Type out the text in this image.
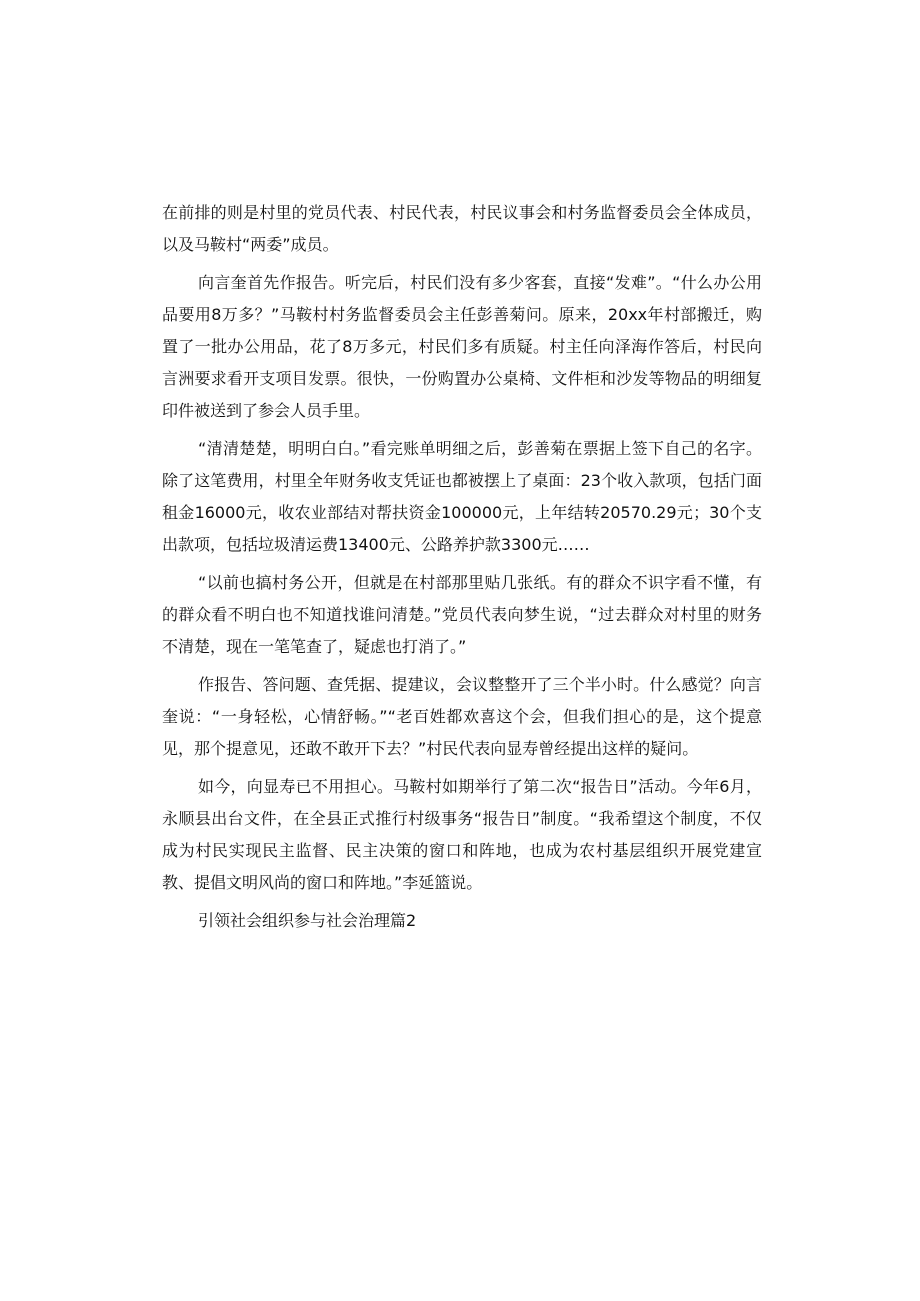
在前排的则是村里的党员代表、村民代表，村民议事会和村务监督委员会全体成员，以及马鞍村“两委”成员。

向言奎首先作报告。听完后，村民们没有多少客套，直接“发难”。“什么办公用品要用8万多？”马鞍村村务监督委员会主任彭善菊问。原来，20xx年村部搬迁，购置了一批办公用品，花了8万多元，村民们多有质疑。村主任向泽海作答后，村民向言洲要求看开支项目发票。很快，一份购置办公桌椅、文件柜和沙发等物品的明细复印件被送到了参会人员手里。

“清清楚楚，明明白白。”看完账单明细之后，彭善菊在票据上签下自己的名字。除了这笔费用，村里全年财务收支凭证也都被摆上了桌面：23个收入款项，包括门面租金16000元，收农业部结对帮扶资金100000元，上年结转20570.29元；30个支出款项，包括垃圾清运费13400元、公路养护款3300元……

“以前也搞村务公开，但就是在村部那里贴几张纸。有的群众不识字看不懂，有的群众看不明白也不知道找谁问清楚。”党员代表向梦生说，“过去群众对村里的财务不清楚，现在一笔笔查了，疑虑也打消了。”

作报告、答问题、查凭据、提建议，会议整整开了三个半小时。什么感觉？向言奎说：“一身轻松，心情舒畅。”“老百姓都欢喜这个会，但我们担心的是，这个提意见，那个提意见，还敢不敢开下去？”村民代表向显寿曾经提出这样的疑问。

如今，向显寿已不用担心。马鞍村如期举行了第二次“报告日”活动。今年6月，永顺县出台文件，在全县正式推行村级事务“报告日”制度。“我希望这个制度，不仅成为村民实现民主监督、民主决策的窗口和阵地，也成为农村基层组织开展党建宣教、提倡文明风尚的窗口和阵地。”李延篮说。

引领社会组织参与社会治理篇2
